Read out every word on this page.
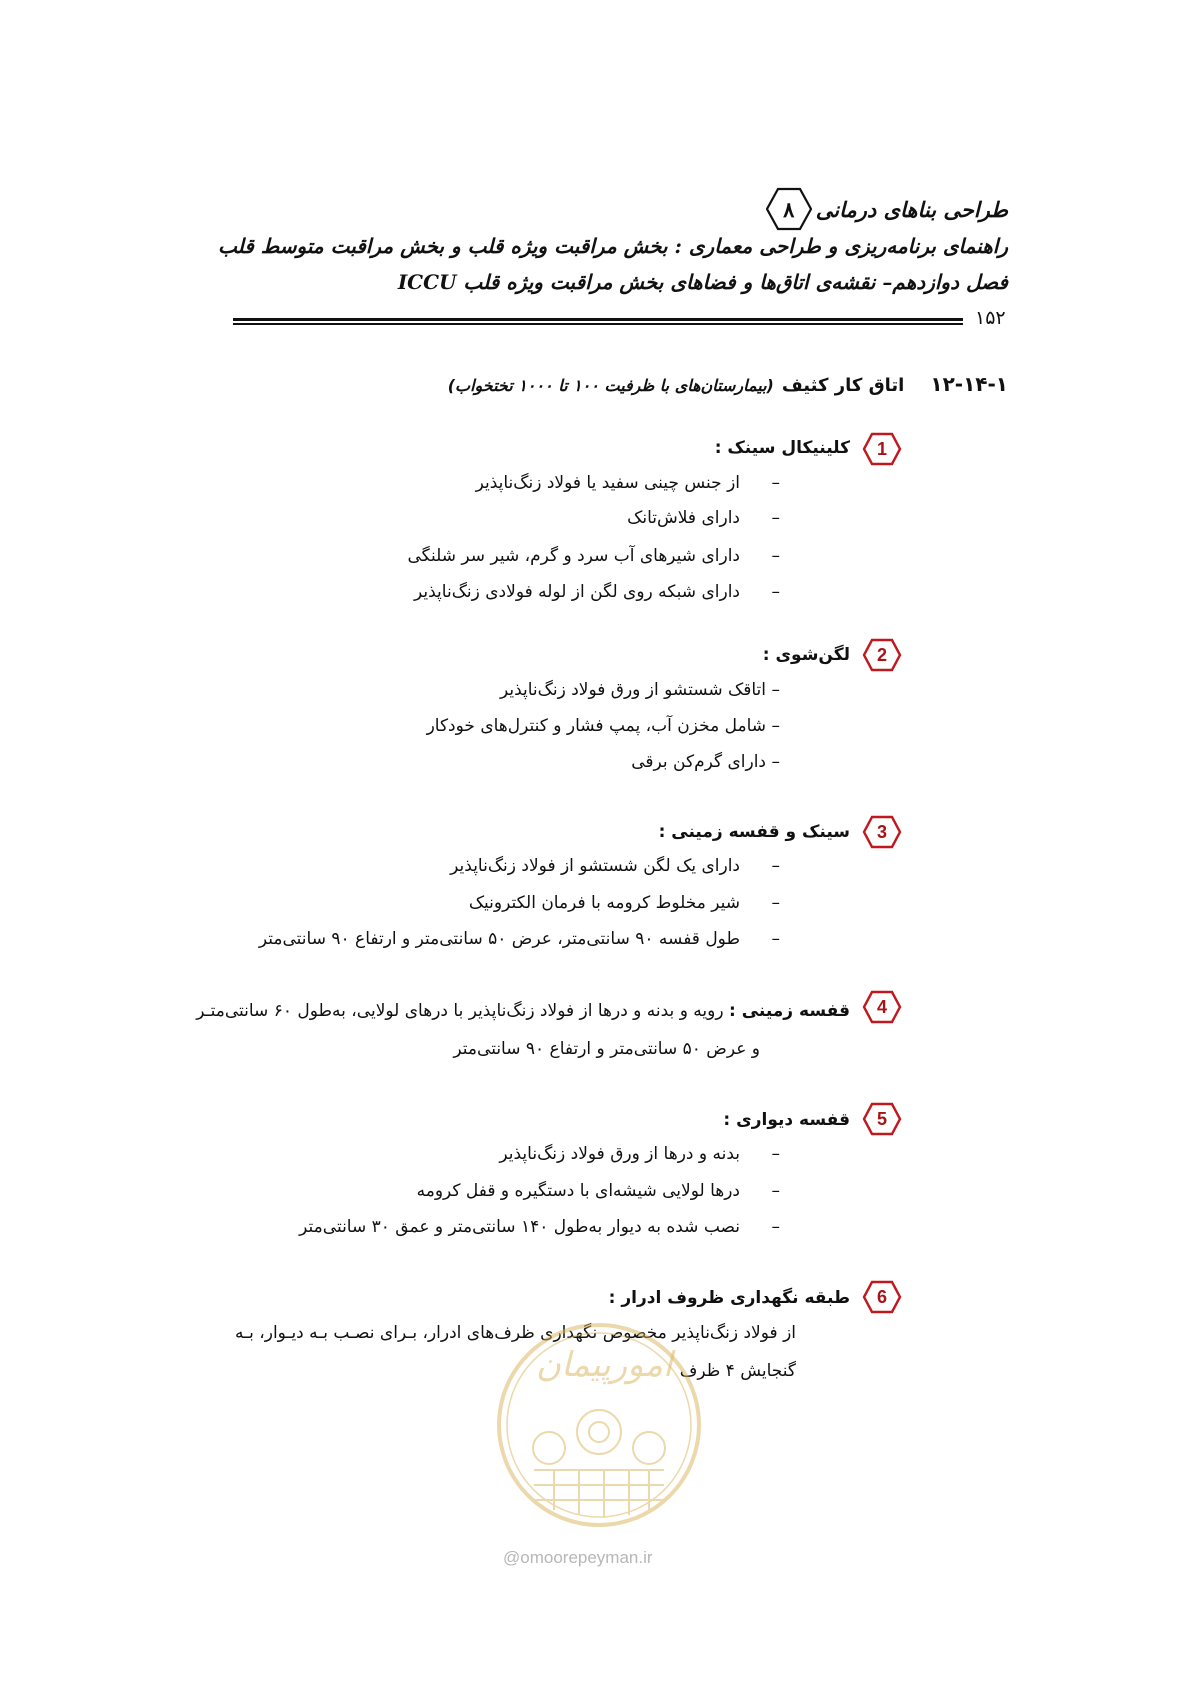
طراحی بناهای درمانی
۸
راهنمای برنامه‌ریزی و طراحی معماری : بخش مراقبت ویژه قلب و بخش مراقبت متوسط قلب
فصل دوازدهم– نقشه‌ی اتاق‌ها و فضاهای بخش مراقبت ویژه قلب ICCU
۱۵۲
۱۲-۱۴-۱
اتاق کار کثیف
(بیمارستان‌های با ظرفیت ۱۰۰ تا ۱۰۰۰ تختخواب)
1
کلینیکال سینک :
–از جنس چینی سفید یا فولاد زنگ‌ناپذیر
–دارای فلاش‌تانک
–دارای شیرهای آب سرد و گرم، شیر سر شلنگی
–دارای شبکه روی لگن از لوله فولادی زنگ‌ناپذیر
2
لگن‌شوی :
–اتاقک شستشو از ورق فولاد زنگ‌ناپذیر
–شامل مخزن آب، پمپ فشار و کنترل‌های خودکار
–دارای گرم‌کن برقی
3
سینک و قفسه زمینی :
–دارای یک لگن شستشو از فولاد زنگ‌ناپذیر
–شیر مخلوط کرومه با فرمان الکترونیک
–طول قفسه ۹۰ سانتی‌متر، عرض ۵۰ سانتی‌متر و ارتفاع ۹۰ سانتی‌متر
4
قفسه زمینی : رویه و بدنه و درها از فولاد زنگ‌ناپذیر با درهای لولایی، به‌طول ۶۰ سانتی‌متـر
و عرض ۵۰ سانتی‌متر و ارتفاع ۹۰ سانتی‌متر
5
قفسه دیواری :
–بدنه و درها از ورق فولاد زنگ‌ناپذیر
–درها لولایی شیشه‌ای با دستگیره و قفل کرومه
–نصب شده به دیوار به‌طول ۱۴۰ سانتی‌متر و عمق ۳۰ سانتی‌متر
6
طبقه نگهداری ظروف ادرار :
از فولاد زنگ‌ناپذیر مخصوص نگهداری ظرف‌های ادرار، بـرای نصـب بـه دیـوار، بـه
گنجایش ۴ ظرف
امورپیمان
@omoorepeyman.ir
